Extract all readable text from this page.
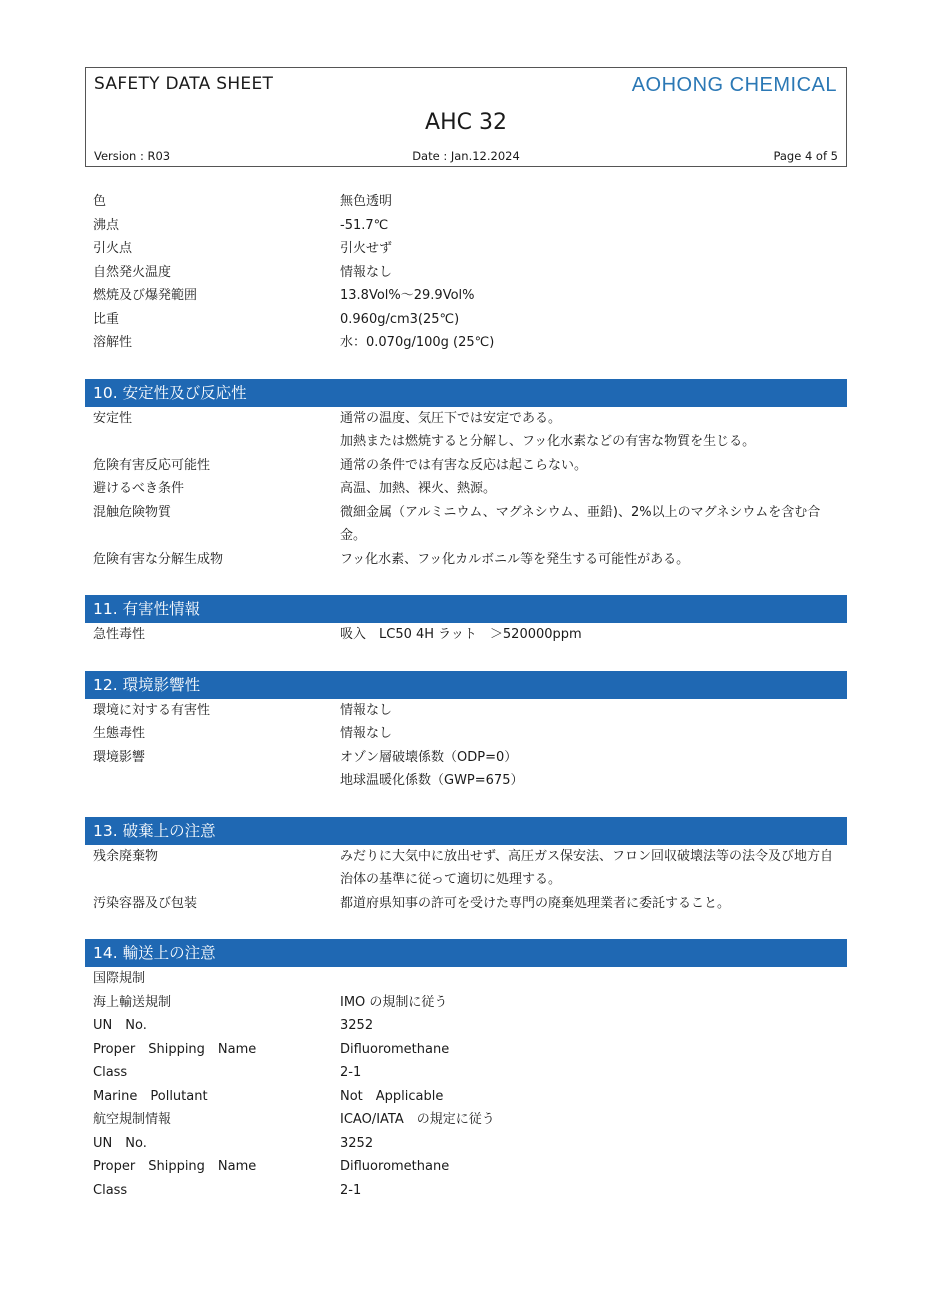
SAFETY DATA SHEET	AOHONG CHEMICAL
AHC 32
Version : R03	Date : Jan.12.2024	Page 4 of 5
色	無色透明
沸点	-51.7℃
引火点	引火せず
自然発火温度	情報なし
燃焼及び爆発範囲	13.8Vol%～29.9Vol%
比重	0.960g/cm3(25℃)
溶解性	水：0.070g/100g (25℃)
10. 安定性及び反応性
安定性	通常の温度、気圧下では安定である。
加熱または燃焼すると分解し、フッ化水素などの有害な物質を生じる。
危険有害反応可能性	通常の条件では有害な反応は起こらない。
避けるべき条件	高温、加熱、裸火、熱源。
混触危険物質	微細金属（アルミニウム、マグネシウム、亜鉛)、2%以上のマグネシウムを含む合金。
危険有害な分解生成物	フッ化水素、フッ化カルボニル等を発生する可能性がある。
11. 有害性情報
急性毒性	吸入　LC50 4H ラット　＞520000ppm
12. 環境影響性
環境に対する有害性	情報なし
生態毒性	情報なし
環境影響	オゾン層破壊係数（ODP=0）
地球温暖化係数（GWP=675）
13. 破棄上の注意
残余廃棄物	みだりに大気中に放出せず、高圧ガス保安法、フロン回収破壊法等の法令及び地方自治体の基準に従って適切に処理する。
汚染容器及び包装	都道府県知事の許可を受けた専門の廃棄処理業者に委託すること。
14. 輸送上の注意
国際規制
海上輸送規制	IMO の規制に従う
UN　No.	3252
Proper　Shipping　Name	Difluoromethane
Class	2-1
Marine　Pollutant	Not　Applicable
航空規制情報	ICAO/IATA　の規定に従う
UN　No.	3252
Proper　Shipping　Name	Difluoromethane
Class	2-1
